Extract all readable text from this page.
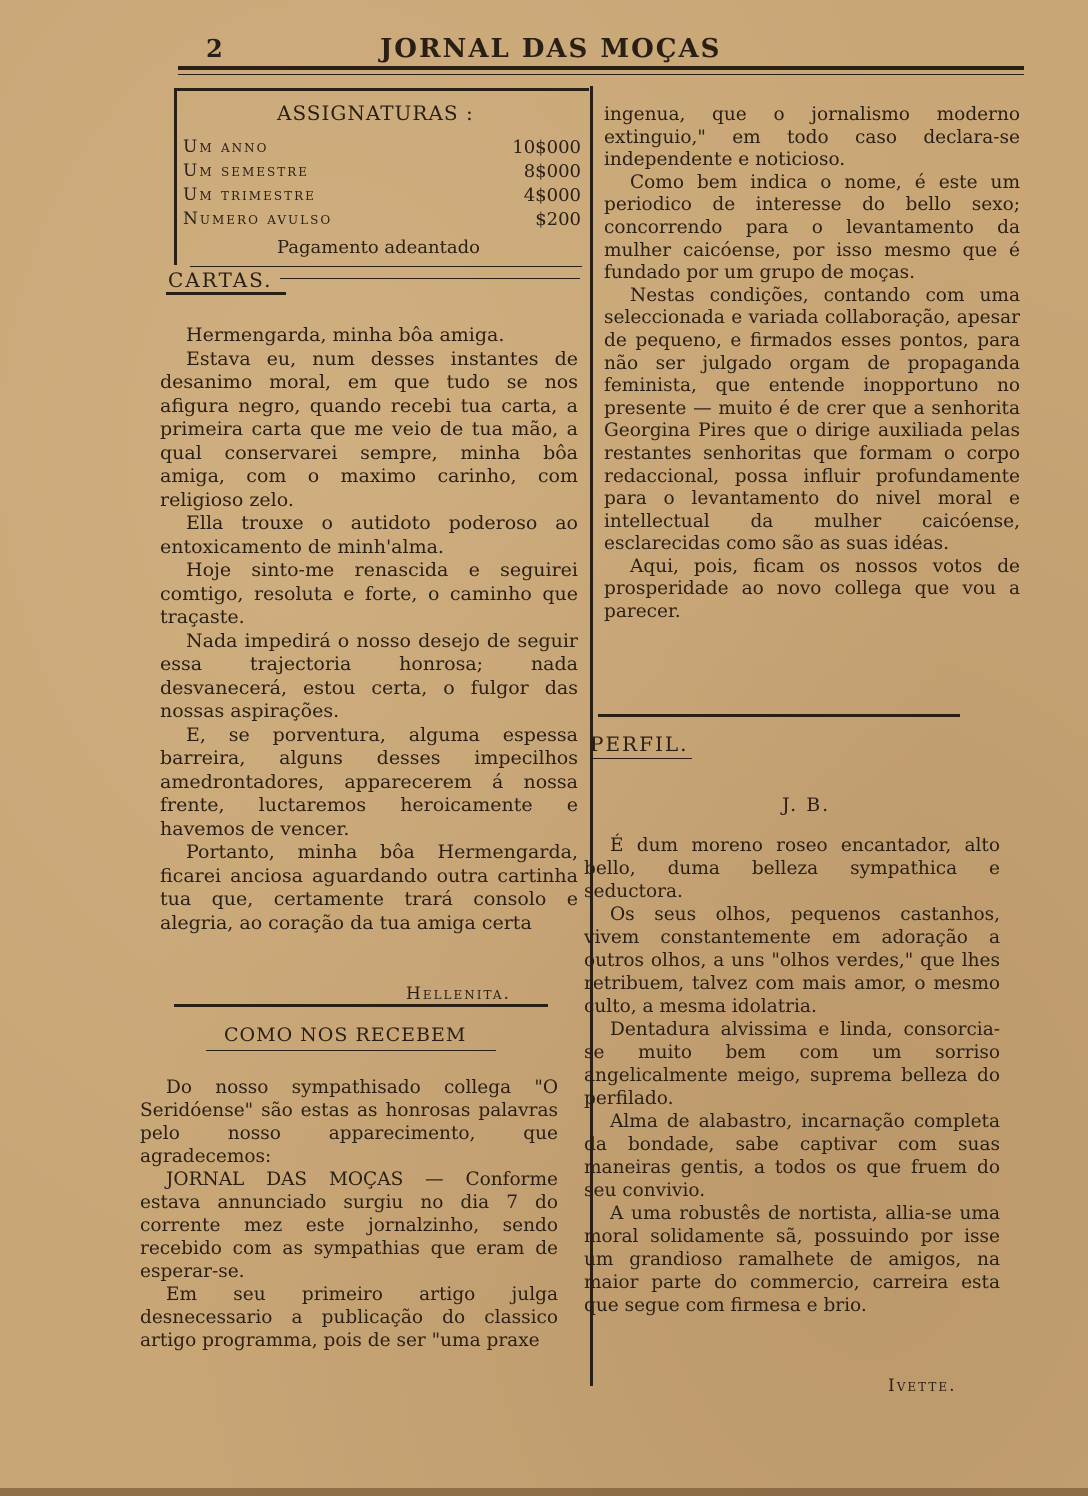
2	JORNAL DAS MOÇAS
ASSIGNATURAS :
Um anno	10$000
Um semestre	8$000
Um trimestre	4$000
Numero avulso	$200
Pagamento adeantado
CARTAS.

Hermengarda, minha bôa amiga.

Estava eu, num desses instantes de desanimo moral, em que tudo se nos afigura negro, quando recebi tua carta, a primeira carta que me veio de tua mão, a qual conservarei sempre, minha bôa amiga, com o maximo carinho, com religioso zelo.

Ella trouxe o autidoto poderoso ao entoxicamento de minh'alma.

Hoje sinto-me renascida e seguirei comtigo, resoluta e forte, o caminho que traçaste.

Nada impedirá o nosso desejo de seguir essa trajectoria honrosa; nada desvanecerá, estou certa, o fulgor das nossas aspirações.

E, se porventura, alguma espessa barreira, alguns desses impecilhos amedrontadores, apparecerem á nossa frente, luctaremos heroicamente e havemos de vencer.

Portanto, minha bôa Hermengarda, ficarei anciosa aguardando outra cartinha tua que, certamente trará consolo e alegria, ao coração da tua amiga certa

Hellenita.
COMO NOS RECEBEM

Do nosso sympathisado collega "O Seridóense" são estas as honrosas palavras pelo nosso apparecimento, que agradecemos:

JORNAL DAS MOÇAS — Conforme estava annunciado surgiu no dia 7 do corrente mez este jornalzinho, sendo recebido com as sympathias que eram de esperar-se.

Em seu primeiro artigo julga desnecessario a publicação do classico artigo programma, pois de ser "uma praxe

ingenua, que o jornalismo moderno extinguio," em todo caso declara-se independente e noticioso.

Como bem indica o nome, é este um periodico de interesse do bello sexo; concorrendo para o levantamento da mulher caicóense, por isso mesmo que é fundado por um grupo de moças.

Nestas condições, contando com uma seleccionada e variada collaboração, apesar de pequeno, e firmados esses pontos, para não ser julgado orgam de propaganda feminista, que entende inopportuno no presente — muito é de crer que a senhorita Georgina Pires que o dirige auxiliada pelas restantes senhoritas que formam o corpo redaccional, possa influir profundamente para o levantamento do nivel moral e intellectual da mulher caicóense, esclarecidas como são as suas idéas.

Aqui, pois, ficam os nossos votos de prosperidade ao novo collega que vou a parecer.

PERFIL.
J. B.

É dum moreno roseo encantador, alto bello, duma belleza sympathica e seductora.

Os seus olhos, pequenos castanhos, vivem constantemente em adoração a outros olhos, a uns "olhos verdes," que lhes retribuem, talvez com mais amor, o mesmo culto, a mesma idolatria.

Dentadura alvissima e linda, consorcia-se muito bem com um sorriso angelicalmente meigo, suprema belleza do perfilado.

Alma de alabastro, incarnação completa da bondade, sabe captivar com suas maneiras gentis, a todos os que fruem do seu convivio.

A uma robustês de nortista, allia-se uma moral solidamente sã, possuindo por isse um grandioso ramalhete de amigos, na maior parte do commercio, carreira esta que segue com firmesa e brio.

Ivette.
